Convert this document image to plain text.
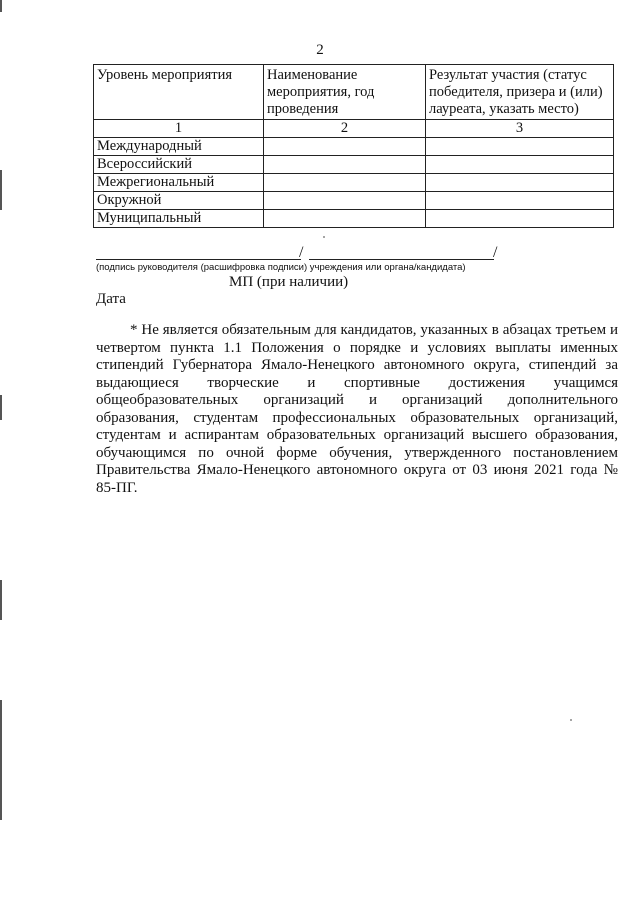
2
Уровень мероприятия	Наименование мероприятия, год проведения	Результат участия (статус победителя, призера и (или) лауреата, указать место)
1	2	3
Международный		
Всероссийский		
Межрегиональный		
Окружной		
Муниципальный		
/	/
(подпись руководителя (расшифровка подписи) учреждения или органа/кандидата)
МП (при наличии)
Дата

* Не является обязательным для кандидатов, указанных в абзацах третьем и четвертом пункта 1.1 Положения о порядке и условиях выплаты именных стипендий Губернатора Ямало-Ненецкого автономного округа, стипендий за выдающиеся творческие и спортивные достижения учащимся общеобразовательных организаций и организаций дополнительного образования, студентам профессиональных образовательных организаций, студентам и аспирантам образовательных организаций высшего образования, обучающимся по очной форме обучения, утвержденного постановлением Правительства Ямало-Ненецкого автономного округа от 03 июня 2021 года № 85-ПГ.
